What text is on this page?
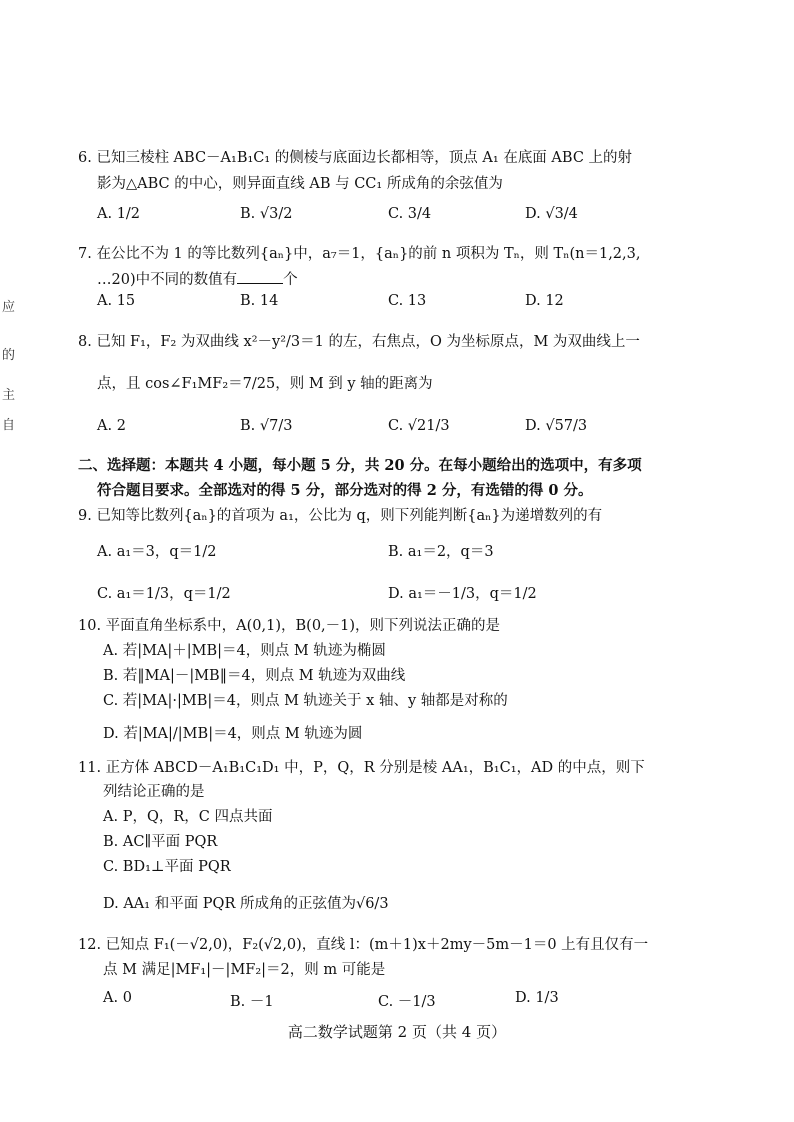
应
的
主
自
6. 已知三棱柱 ABC－A₁B₁C₁ 的侧棱与底面边长都相等，顶点 A₁ 在底面 ABC 上的射
影为△ABC 的中心，则异面直线 AB 与 CC₁ 所成角的余弦值为
A. 1/2	B. √3/2	C. 3/4	D. √3/4
7. 在公比不为 1 的等比数列{aₙ}中，a₇＝1，{aₙ}的前 n 项积为 Tₙ，则 Tₙ(n＝1,2,3,
…20)中不同的数值有	个
A. 15	B. 14	C. 13	D. 12
8. 已知 F₁，F₂ 为双曲线 x²－y²/3＝1 的左，右焦点，O 为坐标原点，M 为双曲线上一
点，且 cos∠F₁MF₂＝7/25，则 M 到 y 轴的距离为
A. 2	B. √7/3	C. √21/3	D. √57/3
二、选择题：本题共 4 小题，每小题 5 分，共 20 分。在每小题给出的选项中，有多项
符合题目要求。全部选对的得 5 分，部分选对的得 2 分，有选错的得 0 分。
9. 已知等比数列{aₙ}的首项为 a₁，公比为 q，则下列能判断{aₙ}为递增数列的有
A. a₁＝3，q＝1/2	B. a₁＝2，q＝3
C. a₁＝1/3，q＝1/2	D. a₁＝－1/3，q＝1/2
10. 平面直角坐标系中，A(0,1)，B(0,－1)，则下列说法正确的是
A. 若|MA|＋|MB|＝4，则点 M 轨迹为椭圆
B. 若‖MA|－|MB‖＝4，则点 M 轨迹为双曲线
C. 若|MA|·|MB|＝4，则点 M 轨迹关于 x 轴、y 轴都是对称的
D. 若|MA|/|MB|＝4，则点 M 轨迹为圆
11. 正方体 ABCD－A₁B₁C₁D₁ 中，P，Q，R 分别是棱 AA₁，B₁C₁，AD 的中点，则下
列结论正确的是
A. P，Q，R，C 四点共面
B. AC∥平面 PQR
C. BD₁⊥平面 PQR
D. AA₁ 和平面 PQR 所成角的正弦值为√6/3
12. 已知点 F₁(－√2,0)，F₂(√2,0)，直线 l：(m＋1)x＋2my－5m－1＝0 上有且仅有一
点 M 满足|MF₁|－|MF₂|＝2，则 m 可能是
A. 0	B. －1	C. －1/3	D. 1/3
高二数学试题第 2 页（共 4 页）
